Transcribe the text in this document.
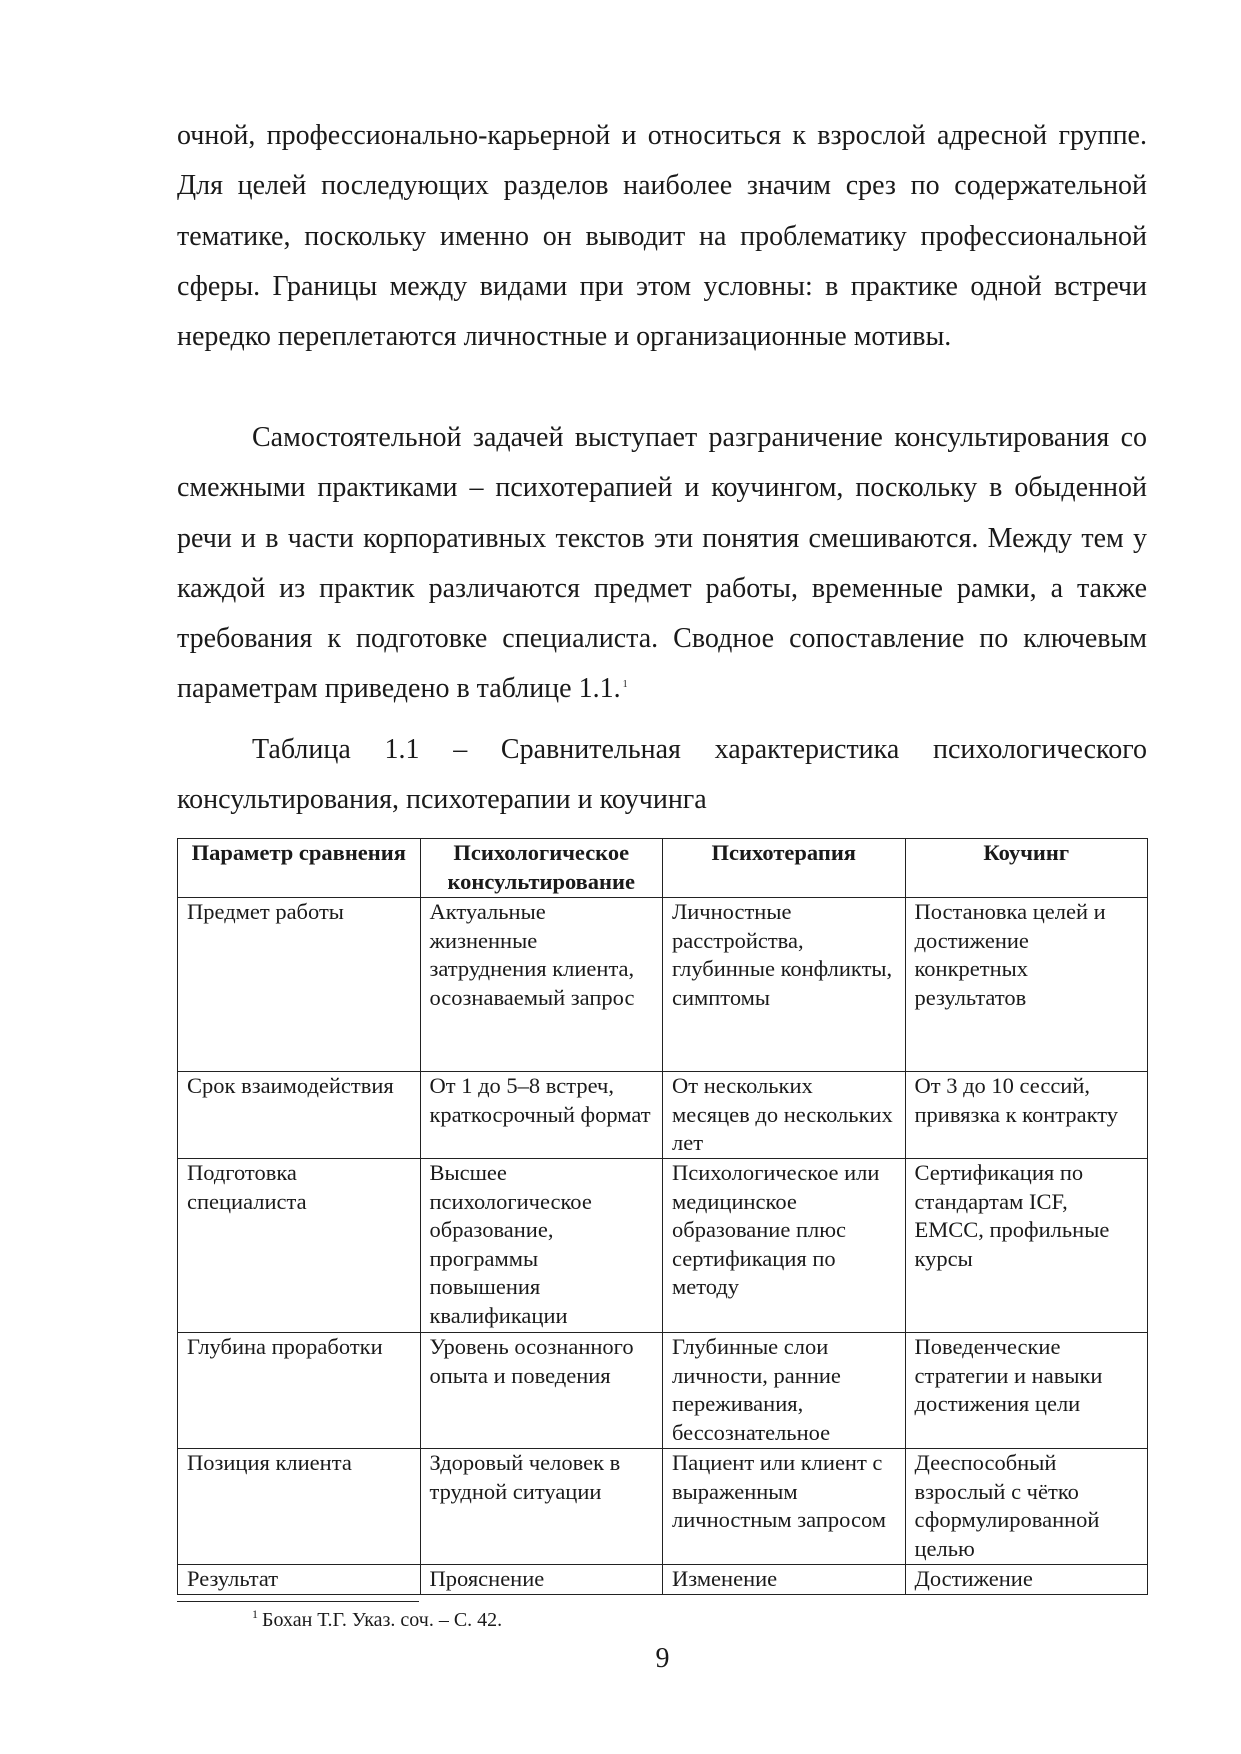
очной, профессионально-карьерной и относиться к взрослой адресной группе. Для целей последующих разделов наиболее значим срез по содержательной тематике, поскольку именно он выводит на проблематику профессиональной сферы. Границы между видами при этом условны: в практике одной встречи нередко переплетаются личностные и организационные мотивы.

Самостоятельной задачей выступает разграничение консультирования со смежными практиками – психотерапией и коучингом, поскольку в обыденной речи и в части корпоративных текстов эти понятия смешиваются. Между тем у каждой из практик различаются предмет работы, временные рамки, а также требования к подготовке специалиста. Сводное сопоставление по ключевым параметрам приведено в таблице 1.1. $^1$

Таблица 1.1 – Сравнительная характеристика психологического консультирования, психотерапии и коучинга

Параметр сравнения	Психологическое консультирование	Психотерапия	Коучинг
Предмет работы	Актуальные жизненные затруднения клиента, осознаваемый запрос	Личностные расстройства, глубинные конфликты, симптомы	Постановка целей и достижение конкретных результатов
Срок взаимодействия	От 1 до 5–8 встреч, краткосрочный формат	От нескольких месяцев до нескольких лет	От 3 до 10 сессий, привязка к контракту
Подготовка специалиста	Высшее психологическое образование, программы повышения квалификации	Психологическое или медицинское образование плюс сертификация по методу	Сертификация по стандартам ICF, EMCC, профильные курсы
Глубина проработки	Уровень осознанного опыта и поведения	Глубинные слои личности, ранние переживания, бессознательное	Поведенческие стратегии и навыки достижения цели
Позиция клиента	Здоровый человек в трудной ситуации	Пациент или клиент с выраженным личностным запросом	Дееспособный взрослый с чётко сформулированной целью
Результат	Прояснение	Изменение	Достижение
$^1$ Бохан Т.Г. Указ. соч. – С. 42.
9
